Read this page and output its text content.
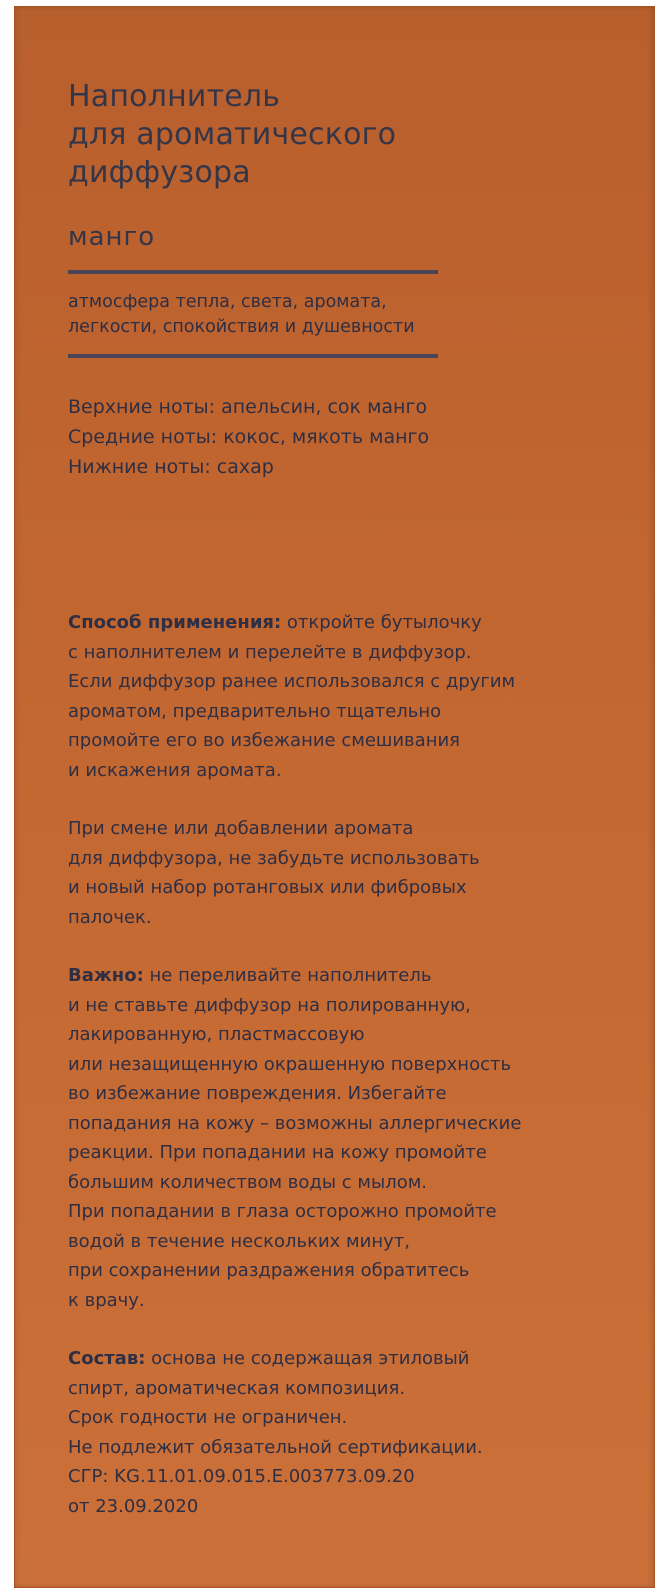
Наполнитель
для ароматического
диффузора
манго
атмосфера тепла, света, аромата,
легкости, спокойствия и душевности
Верхние ноты: апельсин, сок манго
Средние ноты: кокос, мякоть манго
Нижние ноты: сахар
Способ применения: откройте бутылочку
с наполнителем и перелейте в диффузор.
Если диффузор ранее использовался с другим
ароматом, предварительно тщательно
промойте его во избежание смешивания
и искажения аромата.
При смене или добавлении аромата
для диффузора, не забудьте использовать
и новый набор ротанговых или фибровых
палочек.
Важно: не переливайте наполнитель
и не ставьте диффузор на полированную,
лакированную, пластмассовую
или незащищенную окрашенную поверхность
во избежание повреждения. Избегайте
попадания на кожу – возможны аллергические
реакции. При попадании на кожу промойте
большим количеством воды с мылом.
При попадании в глаза осторожно промойте
водой в течение нескольких минут,
при сохранении раздражения обратитесь
к врачу.
Состав: основа не содержащая этиловый
спирт, ароматическая композиция.
Срок годности не ограничен.
Не подлежит обязательной сертификации.
СГР: KG.11.01.09.015.E.003773.09.20
от 23.09.2020
